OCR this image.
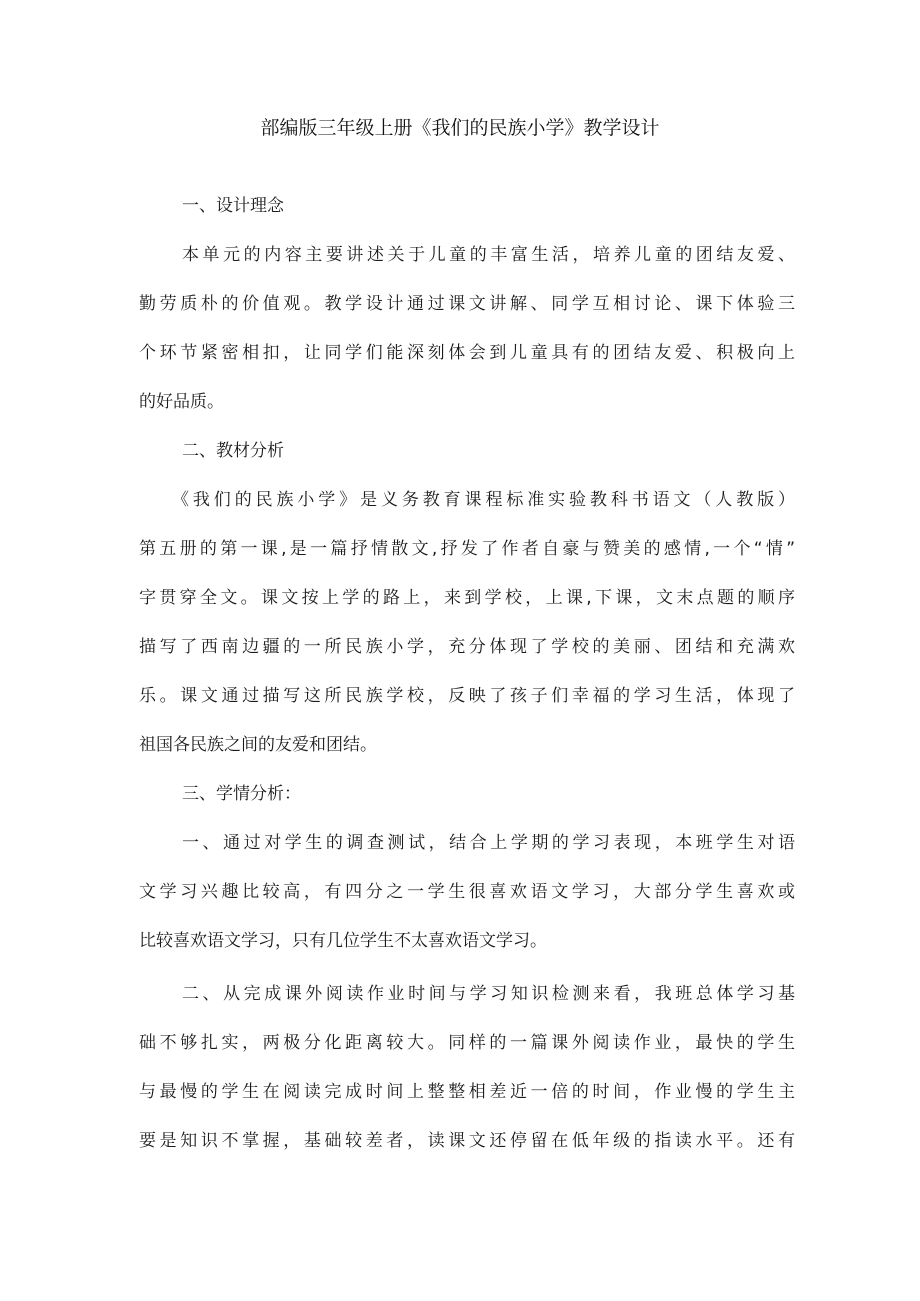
部编版三年级上册《我们的民族小学》教学设计
一、设计理念
本单元的内容主要讲述关于儿童的丰富生活，培养儿童的团结友爱、
勤劳质朴的价值观。教学设计通过课文讲解、同学互相讨论、课下体验三
个环节紧密相扣，让同学们能深刻体会到儿童具有的团结友爱、积极向上
的好品质。
二、教材分析
《我们的民族小学》是义务教育课程标准实验教科书语文（人教版）
第五册的第一课,是一篇抒情散文,抒发了作者自豪与赞美的感情,一个“情”
字贯穿全文。课文按上学的路上，来到学校，上课,下课，文末点题的顺序
描写了西南边疆的一所民族小学，充分体现了学校的美丽、团结和充满欢
乐。课文通过描写这所民族学校，反映了孩子们幸福的学习生活，体现了
祖国各民族之间的友爱和团结。
三、学情分析：
一、通过对学生的调查测试，结合上学期的学习表现，本班学生对语
文学习兴趣比较高，有四分之一学生很喜欢语文学习，大部分学生喜欢或
比较喜欢语文学习，只有几位学生不太喜欢语文学习。
二、从完成课外阅读作业时间与学习知识检测来看，我班总体学习基
础不够扎实，两极分化距离较大。同样的一篇课外阅读作业，最快的学生
与最慢的学生在阅读完成时间上整整相差近一倍的时间，作业慢的学生主
要是知识不掌握，基础较差者，读课文还停留在低年级的指读水平。还有
